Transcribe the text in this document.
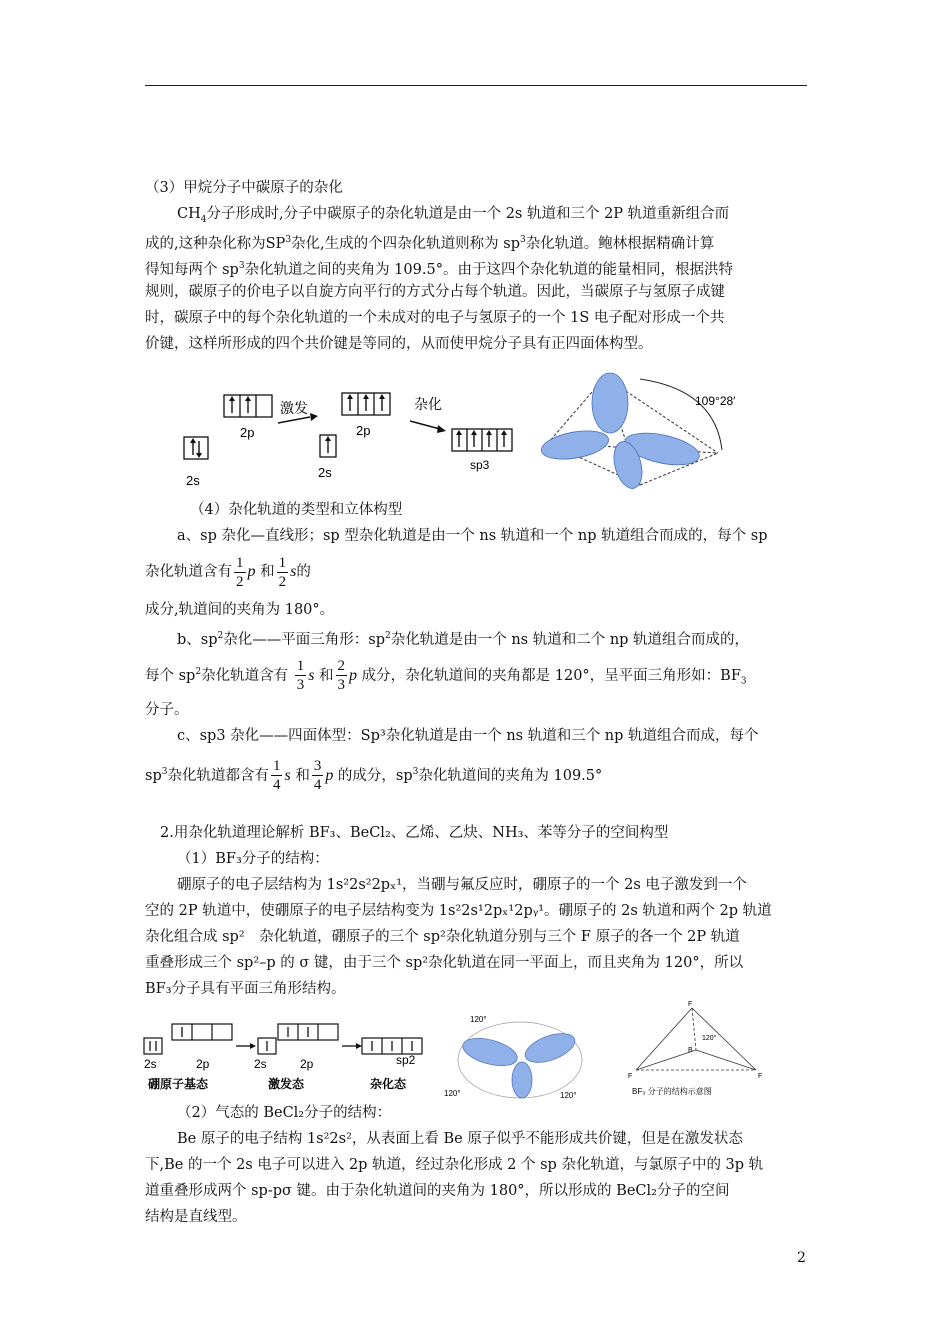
（3）甲烷分子中碳原子的杂化
$CH_4$分子形成时,分子中碳原子的杂化轨道是由一个 2s 轨道和三个 2P 轨道重新组合而
成的,这种杂化称为$SP^3$杂化,生成的个四杂化轨道则称为 $sp^3$杂化轨道。鲍林根据精确计算
得知每两个 $sp^3$杂化轨道之间的夹角为 109.5°。由于这四个杂化轨道的能量相同，根据洪特
规则，碳原子的价电子以自旋方向平行的方式分占每个轨道。因此，当碳原子与氢原子成键
时，碳原子中的每个杂化轨道的一个未成对的电子与氢原子的一个 1S 电子配对形成一个共
价键，这样所形成的四个共价键是等同的，从而使甲烷分子具有正四面体构型。
2s
2p
激发
2p
2s
杂化
sp3
109°28′
（4）杂化轨道的类型和立体构型
a、sp 杂化—直线形；sp 型杂化轨道是由一个 ns 轨道和一个 np 轨道组合而成的，每个 sp
杂化轨道含有 $\frac{1}{2}$ p 和 $\frac{1}{2}$ s的
成分,轨道间的夹角为 180°。
b、$sp^2$杂化——平面三角形：$sp^2$杂化轨道是由一个 ns 轨道和二个 np 轨道组合而成的，
每个 $sp^2$杂化轨道含有 $\frac{1}{3}$ s 和 $\frac{2}{3}$ p 成分，杂化轨道间的夹角都是 120°，呈平面三角形如：$BF_3$
分子。
c、sp3 杂化——四面体型：Sp³杂化轨道是由一个 ns 轨道和三个 np 轨道组合而成，每个
$sp^3$杂化轨道都含有 $\frac{1}{4}$ s 和 $\frac{3}{4}$ p 的成分，$sp^3$杂化轨道间的夹角为 109.5°
2.用杂化轨道理论解析 BF₃、BeCl₂、乙烯、乙炔、NH₃、苯等分子的空间构型
（1）BF₃分子的结构：
硼原子的电子层结构为 1s²2s²2pₓ¹，当硼与氟反应时，硼原子的一个 2s 电子激发到一个
空的 2P 轨道中，使硼原子的电子层结构变为 1s²2s¹2pₓ¹2pᵧ¹。硼原子的 2s 轨道和两个 2p 轨道
杂化组合成 sp²　杂化轨道，硼原子的三个 sp²杂化轨道分别与三个 F 原子的各一个 2P 轨道
重叠形成三个 sp²–p 的 σ 键，由于三个 sp²杂化轨道在同一平面上，而且夹角为 120°，所以
BF₃分子具有平面三角形结构。
2s	2p	2s	2p	sp2
硼原子基态	激发态	杂化态
120°
120°	120°
F
F	F
B
120°
BF₃ 分子的结构示意图
（2）气态的 BeCl₂分子的结构：
Be 原子的电子结构 1s²2s²，从表面上看 Be 原子似乎不能形成共价键，但是在激发状态
下,Be 的一个 2s 电子可以进入 2p 轨道，经过杂化形成 2 个 sp 杂化轨道，与氯原子中的 3p 轨
道重叠形成两个 sp-pσ 键。由于杂化轨道间的夹角为 180°，所以形成的 BeCl₂分子的空间
结构是直线型。
2
